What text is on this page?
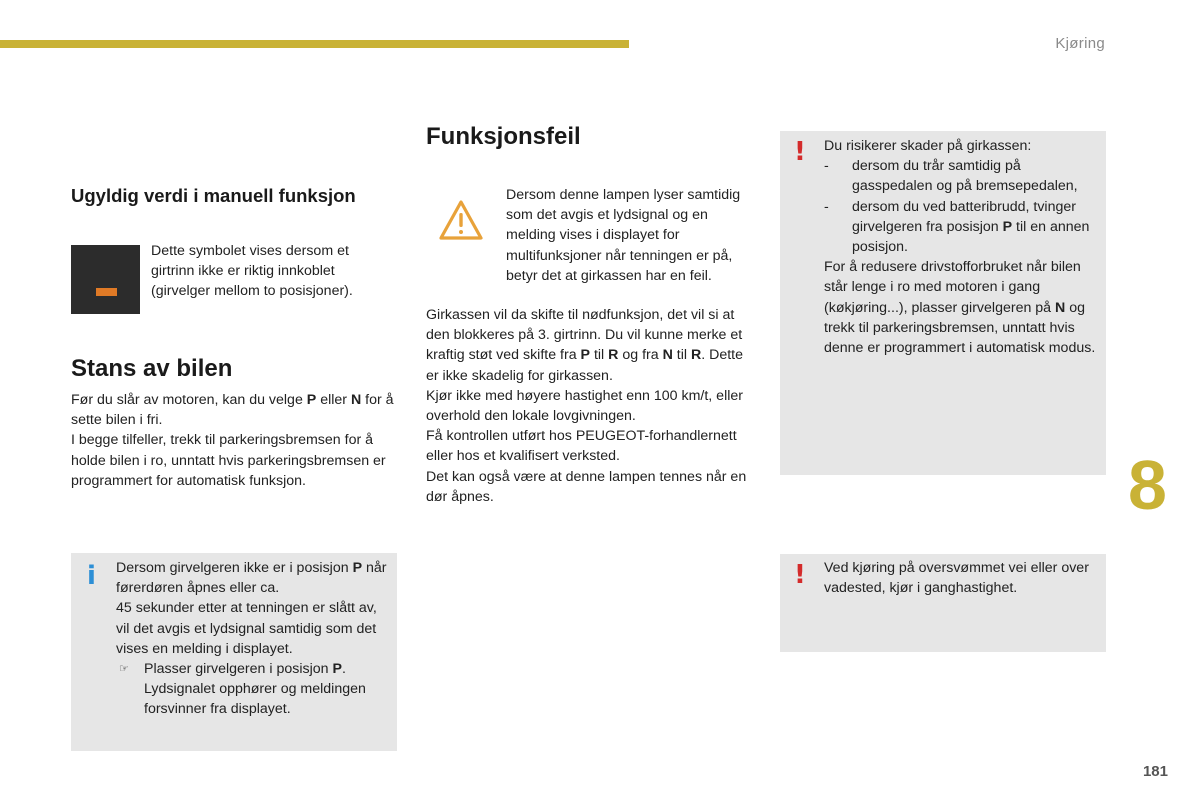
Kjøring
8
Ugyldig verdi i manuell funksjon

Dette symbolet vises dersom et girtrinn ikke er riktig innkoblet (girvelger mellom to posisjoner).

Stans av bilen

Før du slår av motoren, kan du velge P eller N for å sette bilen i fri.

I begge tilfeller, trekk til parkeringsbremsen for å holde bilen i ro, unntatt hvis parkeringsbremsen er programmert for automatisk funksjon.

i Dersom girvelgeren ikke er i posisjon P når førerdøren åpnes eller ca.

45 sekunder etter at tenningen er slått av, vil det avgis et lydsignal samtidig som det vises en melding i displayet.

☞ Plasser girvelgeren i posisjon P. Lydsignalet opphører og meldingen forsvinner fra displayet.
Funksjonsfeil

Dersom denne lampen lyser samtidig som det avgis et lydsignal og en melding vises i displayet for multifunksjoner når tenningen er på, betyr det at girkassen har en feil.

Girkassen vil da skifte til nødfunksjon, det vil si at den blokkeres på 3. girtrinn. Du vil kunne merke et kraftig støt ved skifte fra P til R og fra N til R. Dette er ikke skadelig for girkassen.

Kjør ikke med høyere hastighet enn 100 km/t, eller overhold den lokale lovgivningen.

Få kontrollen utført hos PEUGEOT-forhandlernett eller hos et kvalifisert verksted.

Det kan også være at denne lampen tennes når en dør åpnes.

! Du risikerer skader på girkassen:

- dersom du trår samtidig på gasspedalen og på bremsepedalen,
- dersom du ved batteribrudd, tvinger girvelgeren fra posisjon P til en annen posisjon.

For å redusere drivstofforbruket når bilen står lenge i ro med motoren i gang (køkjøring...), plasser girvelgeren på N og trekk til parkeringsbremsen, unntatt hvis denne er programmert i automatisk modus.

! Ved kjøring på oversvømmet vei eller over vadested, kjør i ganghastighet.

181
